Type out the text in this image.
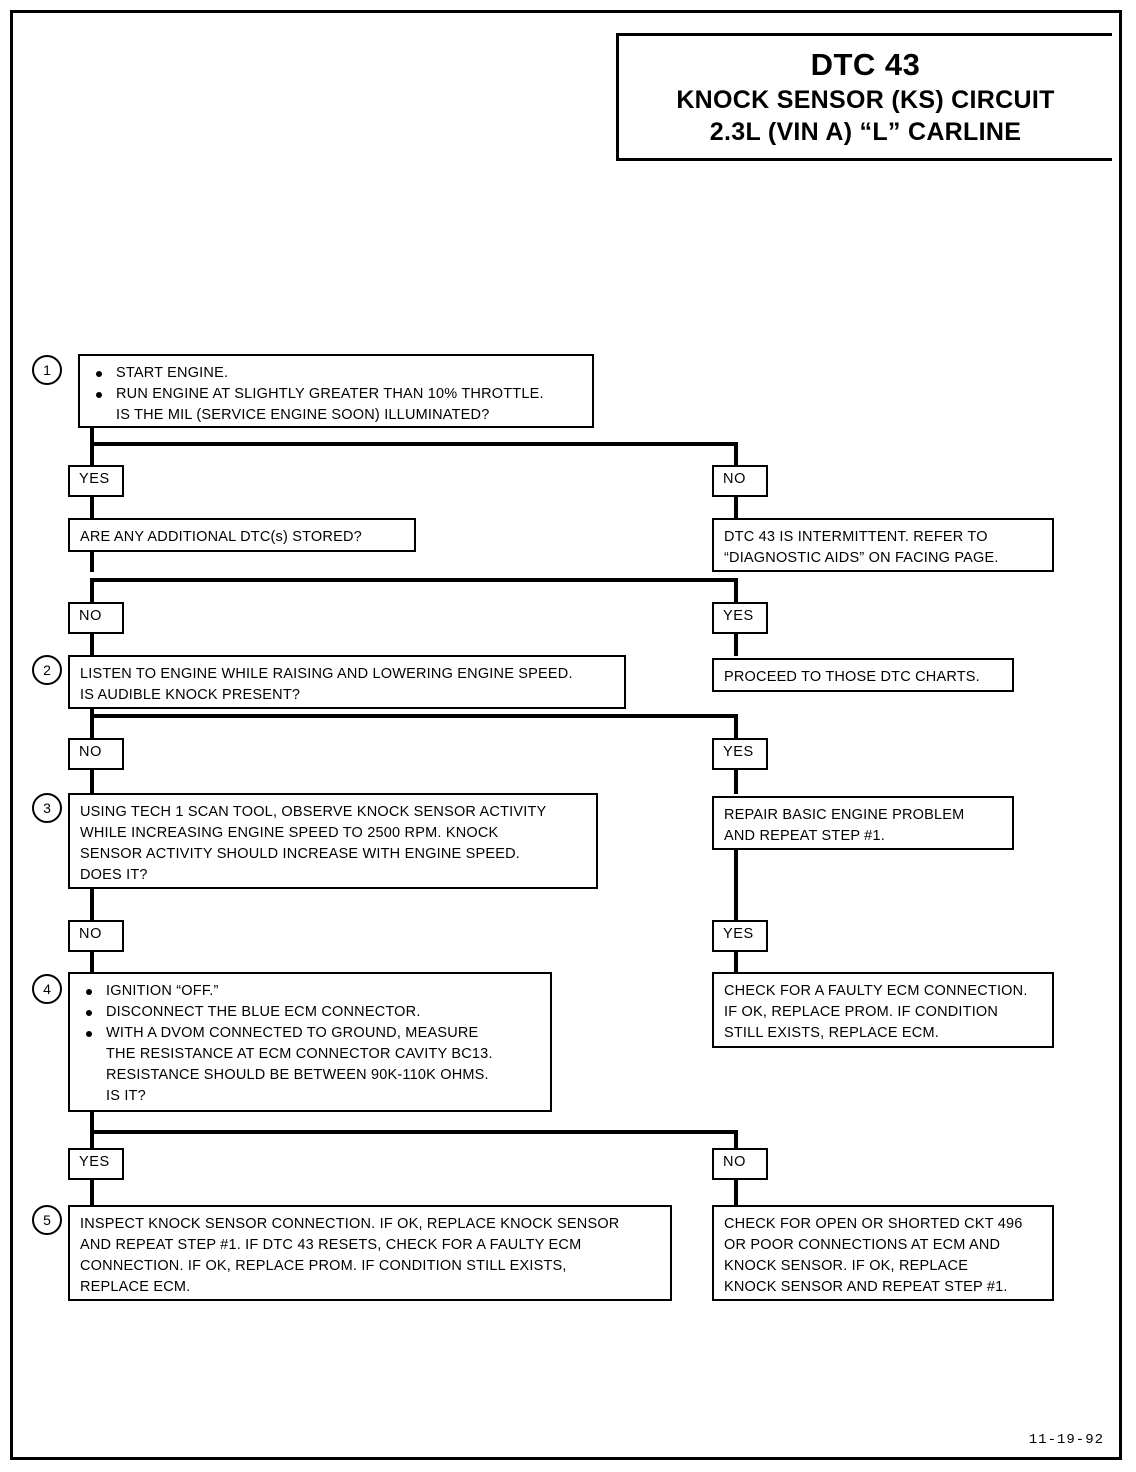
DTC 43
KNOCK SENSOR (KS) CIRCUIT
2.3L (VIN A) “L” CARLINE
1	START ENGINE.
RUN ENGINE AT SLIGHTLY GREATER THAN 10% THROTTLE.
IS THE MIL (SERVICE ENGINE SOON) ILLUMINATED?
YES	NO
ARE ANY ADDITIONAL DTC(s) STORED?	DTC 43 IS INTERMITTENT. REFER TO
“DIAGNOSTIC AIDS” ON FACING PAGE.
NO	YES
2	LISTEN TO ENGINE WHILE RAISING AND LOWERING ENGINE SPEED.
IS AUDIBLE KNOCK PRESENT?
PROCEED TO THOSE DTC CHARTS.
NO	YES
3	USING TECH 1 SCAN TOOL, OBSERVE KNOCK SENSOR ACTIVITY
WHILE INCREASING ENGINE SPEED TO 2500 RPM. KNOCK
SENSOR ACTIVITY SHOULD INCREASE WITH ENGINE SPEED.
DOES IT?
REPAIR BASIC ENGINE PROBLEM
AND REPEAT STEP #1.
NO	YES
4	IGNITION “OFF.”
DISCONNECT THE BLUE ECM CONNECTOR.
WITH A DVOM CONNECTED TO GROUND, MEASURE
THE RESISTANCE AT ECM CONNECTOR CAVITY BC13.
RESISTANCE SHOULD BE BETWEEN 90K-110K OHMS.
IS IT?
CHECK FOR A FAULTY ECM CONNECTION.
IF OK, REPLACE PROM. IF CONDITION
STILL EXISTS, REPLACE ECM.
YES	NO
5	INSPECT KNOCK SENSOR CONNECTION. IF OK, REPLACE KNOCK SENSOR
AND REPEAT STEP #1. IF DTC 43 RESETS, CHECK FOR A FAULTY ECM
CONNECTION. IF OK, REPLACE PROM. IF CONDITION STILL EXISTS,
REPLACE ECM.
CHECK FOR OPEN OR SHORTED CKT 496
OR POOR CONNECTIONS AT ECM AND
KNOCK SENSOR. IF OK, REPLACE
KNOCK SENSOR AND REPEAT STEP #1.
11-19-92
